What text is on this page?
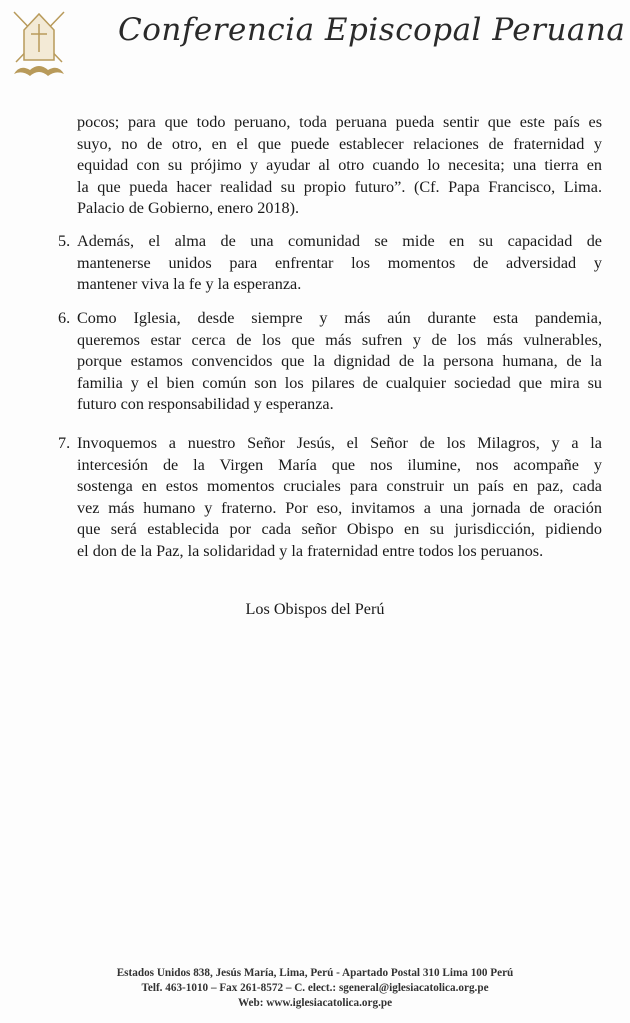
Conferencia Episcopal Peruana
pocos; para que todo peruano, toda peruana pueda sentir que este país es
suyo, no de otro, en el que puede establecer relaciones de fraternidad y
equidad con su prójimo y ayudar al otro cuando lo necesita; una tierra en
la que pueda hacer realidad su propio futuro”. (Cf. Papa Francisco, Lima.
Palacio de Gobierno, enero 2018).
5. Además, el alma de una comunidad se mide en su capacidad de
mantenerse unidos para enfrentar los momentos de adversidad y
mantener viva la fe y la esperanza.
6. Como Iglesia, desde siempre y más aún durante esta pandemia,
queremos estar cerca de los que más sufren y de los más vulnerables,
porque estamos convencidos que la dignidad de la persona humana, de la
familia y el bien común son los pilares de cualquier sociedad que mira su
futuro con responsabilidad y esperanza.
7. Invoquemos a nuestro Señor Jesús, el Señor de los Milagros, y a la
intercesión de la Virgen María que nos ilumine, nos acompañe y
sostenga en estos momentos cruciales para construir un país en paz, cada
vez más humano y fraterno. Por eso, invitamos a una jornada de oración
que será establecida por cada señor Obispo en su jurisdicción, pidiendo
el don de la Paz, la solidaridad y la fraternidad entre todos los peruanos.
Los Obispos del Perú
Estados Unidos 838, Jesús María, Lima, Perú - Apartado Postal 310 Lima 100 Perú
Telf. 463-1010 – Fax 261-8572 – C. elect.: sgeneral@iglesiacatolica.org.pe
Web: www.iglesiacatolica.org.pe
